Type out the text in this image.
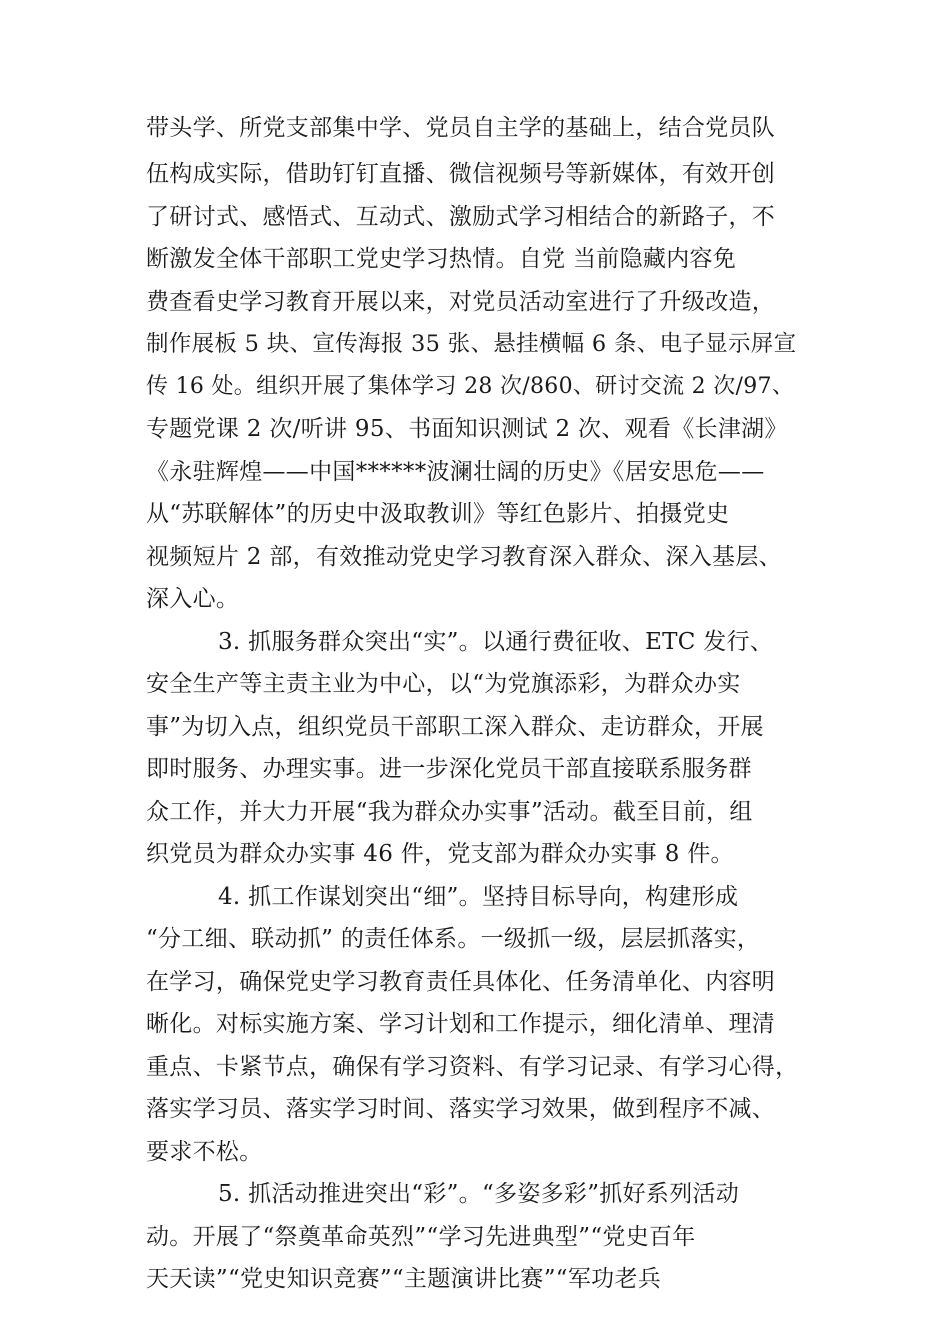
带头学、所党支部集中学、党员自主学的基础上，结合党员队
伍构成实际，借助钉钉直播、微信视频号等新媒体，有效开创
了研讨式、感悟式、互动式、激励式学习相结合的新路子，不
断激发全体干部职工党史学习热情。自党 当前隐藏内容免
费查看史学习教育开展以来，对党员活动室进行了升级改造，
制作展板 5 块、宣传海报 35 张、悬挂横幅 6 条、电子显示屏宣
传 16 处。组织开展了集体学习 28 次/860、研讨交流 2 次/97、
专题党课 2 次/听讲 95、书面知识测试 2 次、观看《长津湖》
《永驻辉煌——中国******波澜壮阔的历史》《居安思危——
从“苏联解体”的历史中汲取教训》等红色影片、拍摄党史
视频短片 2 部，有效推动党史学习教育深入群众、深入基层、
深入心。
3. 抓服务群众突出“实”。以通行费征收、ETC 发行、
安全生产等主责主业为中心，以“为党旗添彩，为群众办实
事”为切入点，组织党员干部职工深入群众、走访群众，开展
即时服务、办理实事。进一步深化党员干部直接联系服务群
众工作，并大力开展“我为群众办实事”活动。截至目前，组
织党员为群众办实事 46 件，党支部为群众办实事 8 件。
4. 抓工作谋划突出“细”。坚持目标导向，构建形成
“分工细、联动抓” 的责任体系。一级抓一级，层层抓落实，
在学习，确保党史学习教育责任具体化、任务清单化、内容明
晰化。对标实施方案、学习计划和工作提示，细化清单、理清
重点、卡紧节点，确保有学习资料、有学习记录、有学习心得，
落实学习员、落实学习时间、落实学习效果，做到程序不减、
要求不松。
5. 抓活动推进突出“彩”。“多姿多彩”抓好系列活动
动。开展了“祭奠革命英烈”“学习先进典型”“党史百年
天天读”“党史知识竞赛”“主题演讲比赛”“军功老兵
